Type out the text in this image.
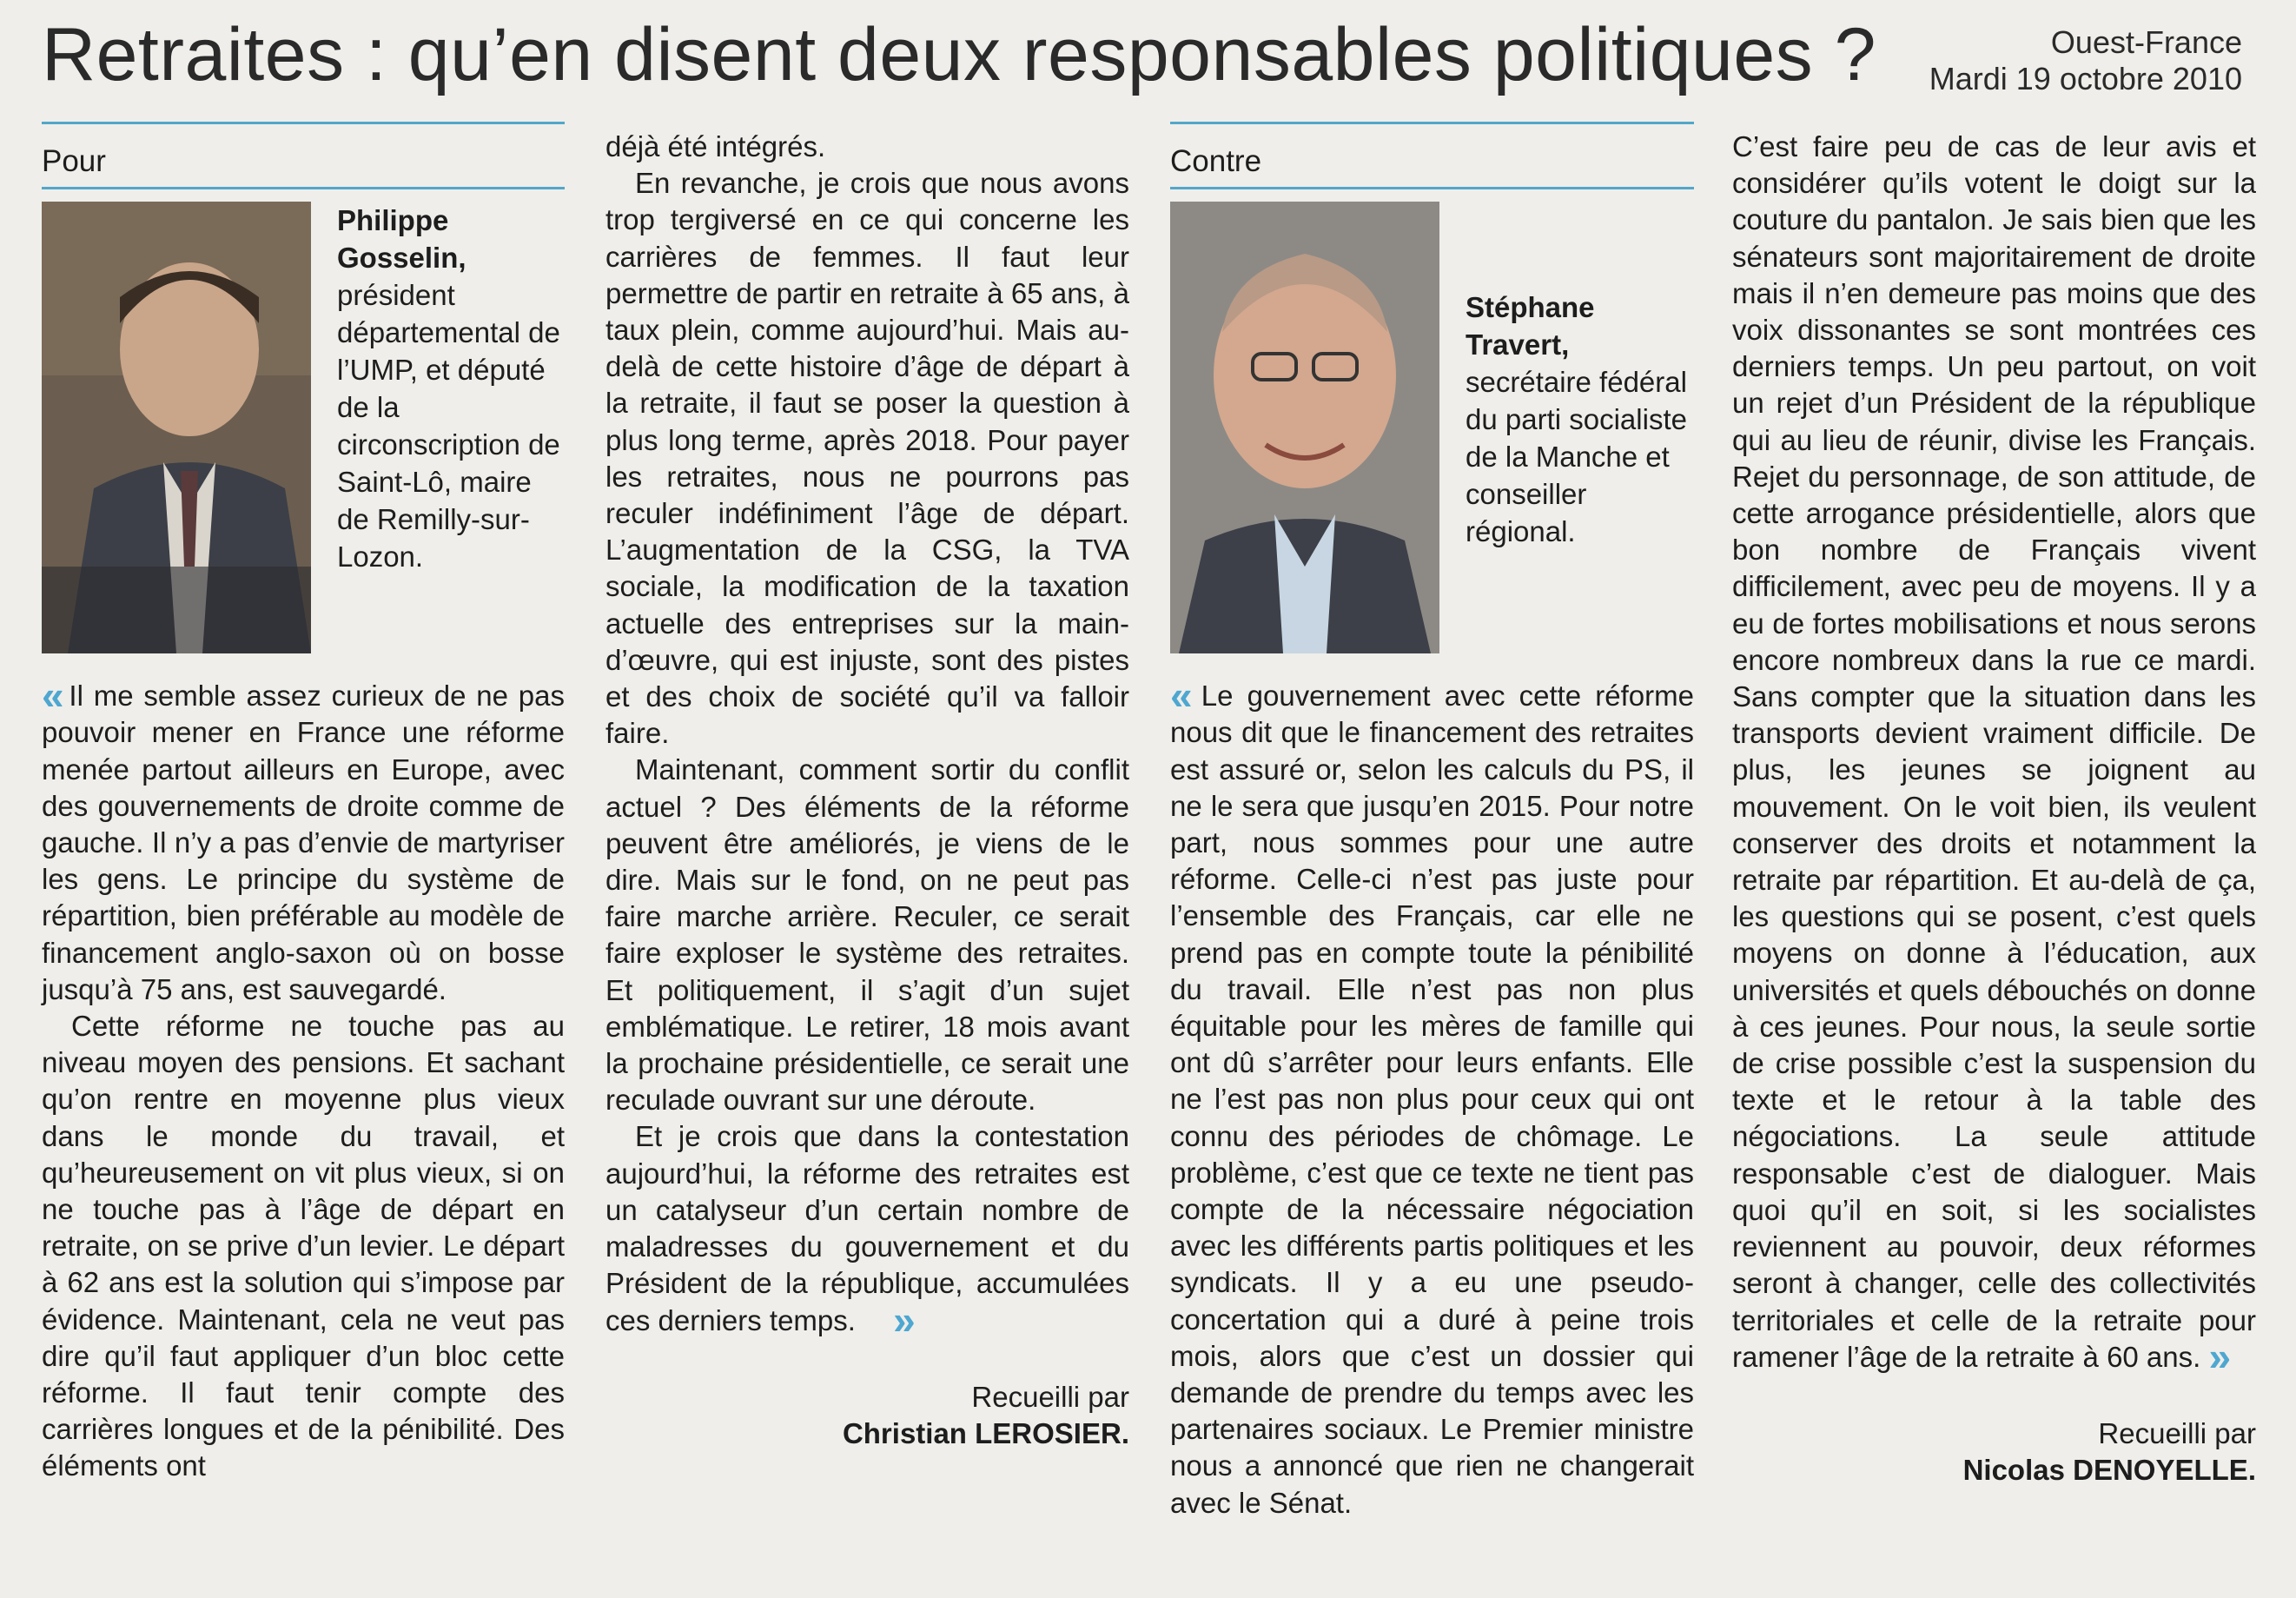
Retraites : qu’en disent deux responsables politiques ?	Ouest-France
Mardi 19 octobre 2010
Pour
Philippe Gosselin,
président départemental de l’UMP, et député de la circonscription de Saint-Lô, maire de Remilly-sur-Lozon.

« Il me semble assez curieux de ne pas pouvoir mener en France une réforme menée partout ailleurs en Europe, avec des gouvernements de droite comme de gauche. Il n’y a pas d’envie de martyriser les gens. Le principe du système de répartition, bien préférable au modèle de financement anglo-saxon où on bosse jusqu’à 75 ans, est sauvegardé.

Cette réforme ne touche pas au niveau moyen des pensions. Et sachant qu’on rentre en moyenne plus vieux dans le monde du travail, et qu’heureusement on vit plus vieux, si on ne touche pas à l’âge de départ en retraite, on se prive d’un levier. Le départ à 62 ans est la solution qui s’impose par évidence. Maintenant, cela ne veut pas dire qu’il faut appliquer d’un bloc cette réforme. Il faut tenir compte des carrières longues et de la pénibilité. Des éléments ont

déjà été intégrés.

En revanche, je crois que nous avons trop tergiversé en ce qui concerne les carrières de femmes. Il faut leur permettre de partir en retraite à 65 ans, à taux plein, comme aujourd’hui. Mais au-delà de cette histoire d’âge de départ à la retraite, il faut se poser la question à plus long terme, après 2018. Pour payer les retraites, nous ne pourrons pas reculer indéfiniment l’âge de départ. L’augmentation de la CSG, la TVA sociale, la modification de la taxation actuelle des entreprises sur la main-d’œuvre, qui est injuste, sont des pistes et des choix de société qu’il va falloir faire.

Maintenant, comment sortir du conflit actuel ? Des éléments de la réforme peuvent être améliorés, je viens de le dire. Mais sur le fond, on ne peut pas faire marche arrière. Reculer, ce serait faire exploser le système des retraites. Et politiquement, il s’agit d’un sujet emblématique. Le retirer, 18 mois avant la prochaine présidentielle, ce serait une reculade ouvrant sur une déroute.

Et je crois que dans la contestation aujourd’hui, la réforme des retraites est un catalyseur d’un certain nombre de maladresses du gouvernement et du Président de la république, accumulées ces derniers temps. »

Recueilli par
Christian LEROSIER.
Contre
Stéphane Travert,
secrétaire fédéral du parti socialiste de la Manche et conseiller régional.

« Le gouvernement avec cette réforme nous dit que le financement des retraites est assuré or, selon les calculs du PS, il ne le sera que jusqu’en 2015. Pour notre part, nous sommes pour une autre réforme. Celle-ci n’est pas juste pour l’ensemble des Français, car elle ne prend pas en compte toute la pénibilité du travail. Elle n’est pas non plus équitable pour les mères de famille qui ont dû s’arrêter pour leurs enfants. Elle ne l’est pas non plus pour ceux qui ont connu des périodes de chômage. Le problème, c’est que ce texte ne tient pas compte de la nécessaire négociation avec les différents partis politiques et les syndicats. Il y a eu une pseudo-concertation qui a duré à peine trois mois, alors que c’est un dossier qui demande de prendre du temps avec les partenaires sociaux. Le Premier ministre nous a annoncé que rien ne changerait avec le Sénat.

C’est faire peu de cas de leur avis et considérer qu’ils votent le doigt sur la couture du pantalon. Je sais bien que les sénateurs sont majoritairement de droite mais il n’en demeure pas moins que des voix dissonantes se sont montrées ces derniers temps. Un peu partout, on voit un rejet d’un Président de la république qui au lieu de réunir, divise les Français. Rejet du personnage, de son attitude, de cette arrogance présidentielle, alors que bon nombre de Français vivent difficilement, avec peu de moyens. Il y a eu de fortes mobilisations et nous serons encore nombreux dans la rue ce mardi. Sans compter que la situation dans les transports devient vraiment difficile. De plus, les jeunes se joignent au mouvement. On le voit bien, ils veulent conserver des droits et notamment la retraite par répartition. Et au-delà de ça, les questions qui se posent, c’est quels moyens on donne à l’éducation, aux universités et quels débouchés on donne à ces jeunes. Pour nous, la seule sortie de crise possible c’est la suspension du texte et le retour à la table des négociations. La seule attitude responsable c’est de dialoguer. Mais quoi qu’il en soit, si les socialistes reviennent au pouvoir, deux réformes seront à changer, celle des collectivités territoriales et celle de la retraite pour ramener l’âge de la retraite à 60 ans. »

Recueilli par
Nicolas DENOYELLE.
